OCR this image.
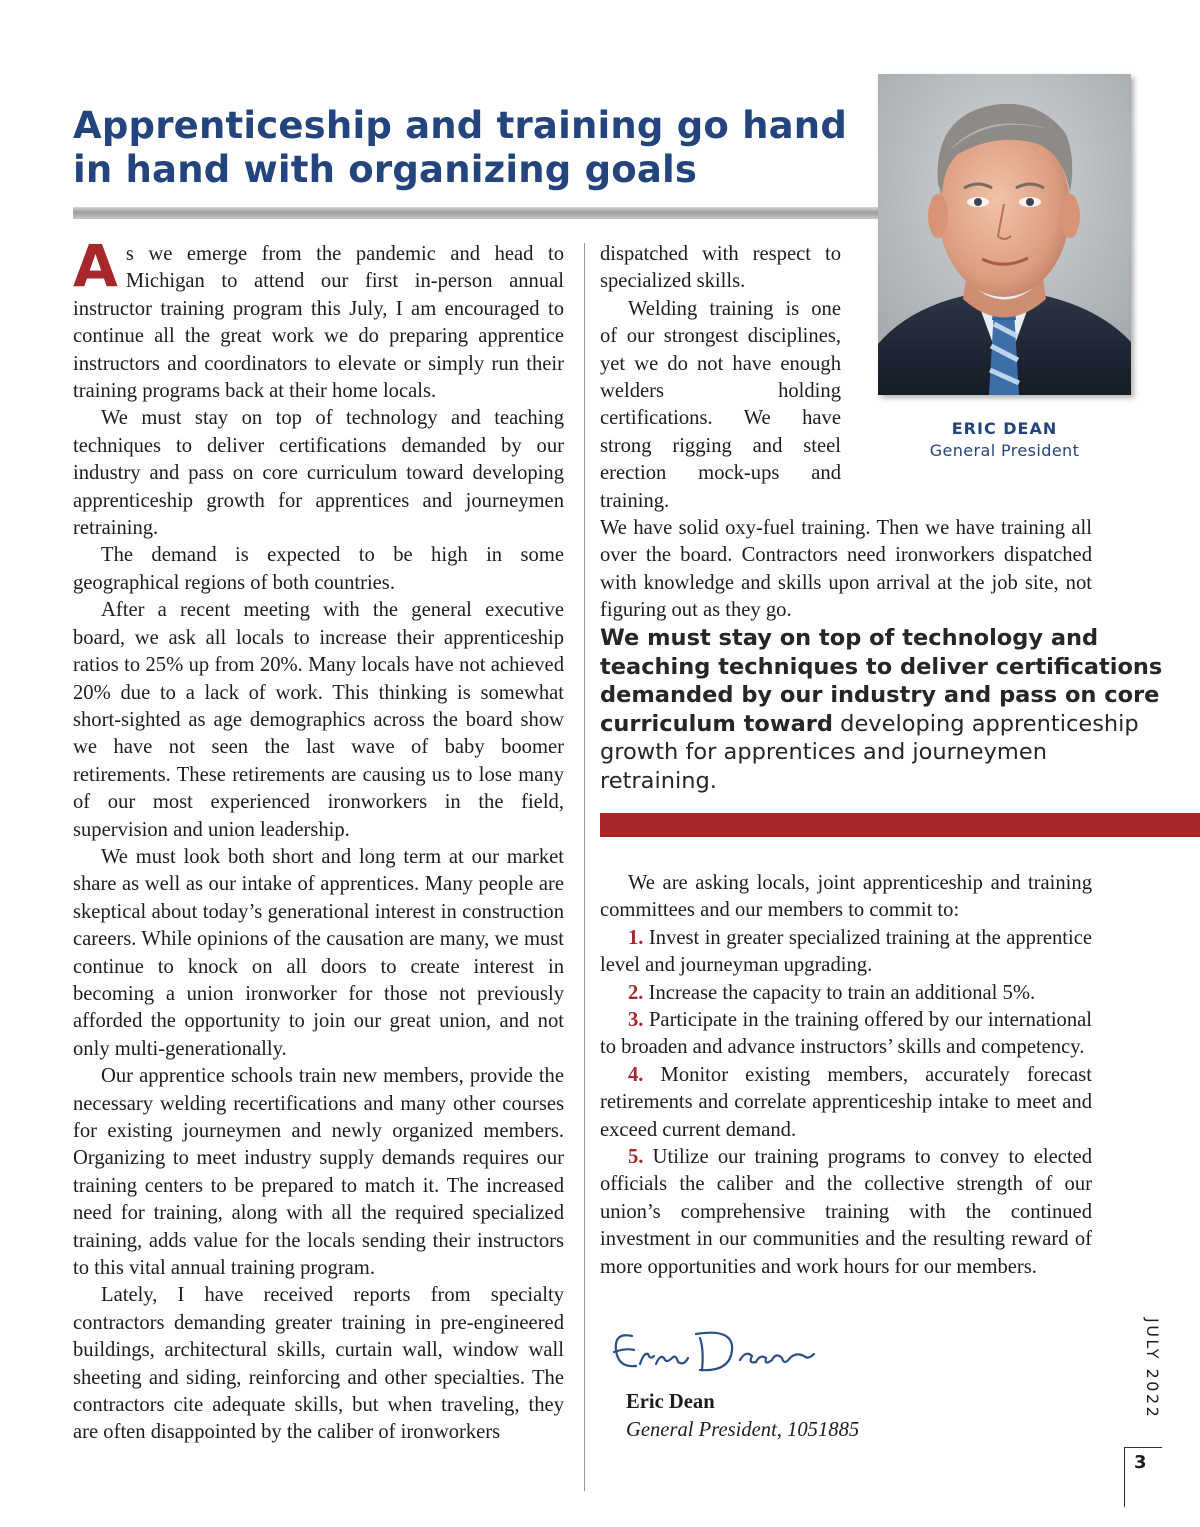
Apprenticeship and training go hand in hand with organizing goals
ERIC DEAN
General President

As we emerge from the pandemic and head to Michigan to attend our first in-person annual instructor training program this July, I am encouraged to continue all the great work we do preparing apprentice instructors and coordinators to elevate or simply run their training programs back at their home locals.

We must stay on top of technology and teaching techniques to deliver certifications demanded by our industry and pass on core curriculum toward developing apprenticeship growth for apprentices and journeymen retraining.

The demand is expected to be high in some geographical regions of both countries.

After a recent meeting with the general executive board, we ask all locals to increase their apprenticeship ratios to 25% up from 20%. Many locals have not achieved 20% due to a lack of work. This thinking is somewhat short-sighted as age demographics across the board show we have not seen the last wave of baby boomer retirements. These retirements are causing us to lose many of our most experienced ironworkers in the field, supervision and union leadership.

We must look both short and long term at our market share as well as our intake of apprentices. Many people are skeptical about today’s generational interest in construction careers. While opinions of the causation are many, we must continue to knock on all doors to create interest in becoming a union ironworker for those not previously afforded the opportunity to join our great union, and not only multi-generationally.

Our apprentice schools train new members, provide the necessary welding recertifications and many other courses for existing journeymen and newly organized members. Organizing to meet industry supply demands requires our training centers to be prepared to match it. The increased need for training, along with all the required specialized training, adds value for the locals sending their instructors to this vital annual training program.

Lately, I have received reports from specialty contractors demanding greater training in pre-engineered buildings, architectural skills, curtain wall, window wall sheeting and siding, reinforcing and other specialties. The contractors cite adequate skills, but when traveling, they are often disappointed by the caliber of ironworkers

dispatched with respect to specialized skills.

Welding training is one of our strongest disciplines, yet we do not have enough welders holding certifications. We have strong rigging and steel erection mock-ups and training.

We have solid oxy-fuel training. Then we have training all over the board. Contractors need ironworkers dispatched with knowledge and skills upon arrival at the job site, not figuring out as they go.

We must stay on top of technology and teaching techniques to deliver certifications demanded by our industry and pass on core curriculum toward developing apprenticeship growth for apprentices and journeymen retraining.

We are asking locals, joint apprenticeship and training committees and our members to commit to:

1. Invest in greater specialized training at the apprentice level and journeyman upgrading.

2. Increase the capacity to train an additional 5%.

3. Participate in the training offered by our international to broaden and advance instructors’ skills and competency.

4. Monitor existing members, accurately forecast retirements and correlate apprenticeship intake to meet and exceed current demand.

5. Utilize our training programs to convey to elected officials the caliber and the collective strength of our union’s comprehensive training with the continued investment in our communities and the resulting reward of more opportunities and work hours for our members.

Eric Dean
General President, 1051885
JULY 2022
3
